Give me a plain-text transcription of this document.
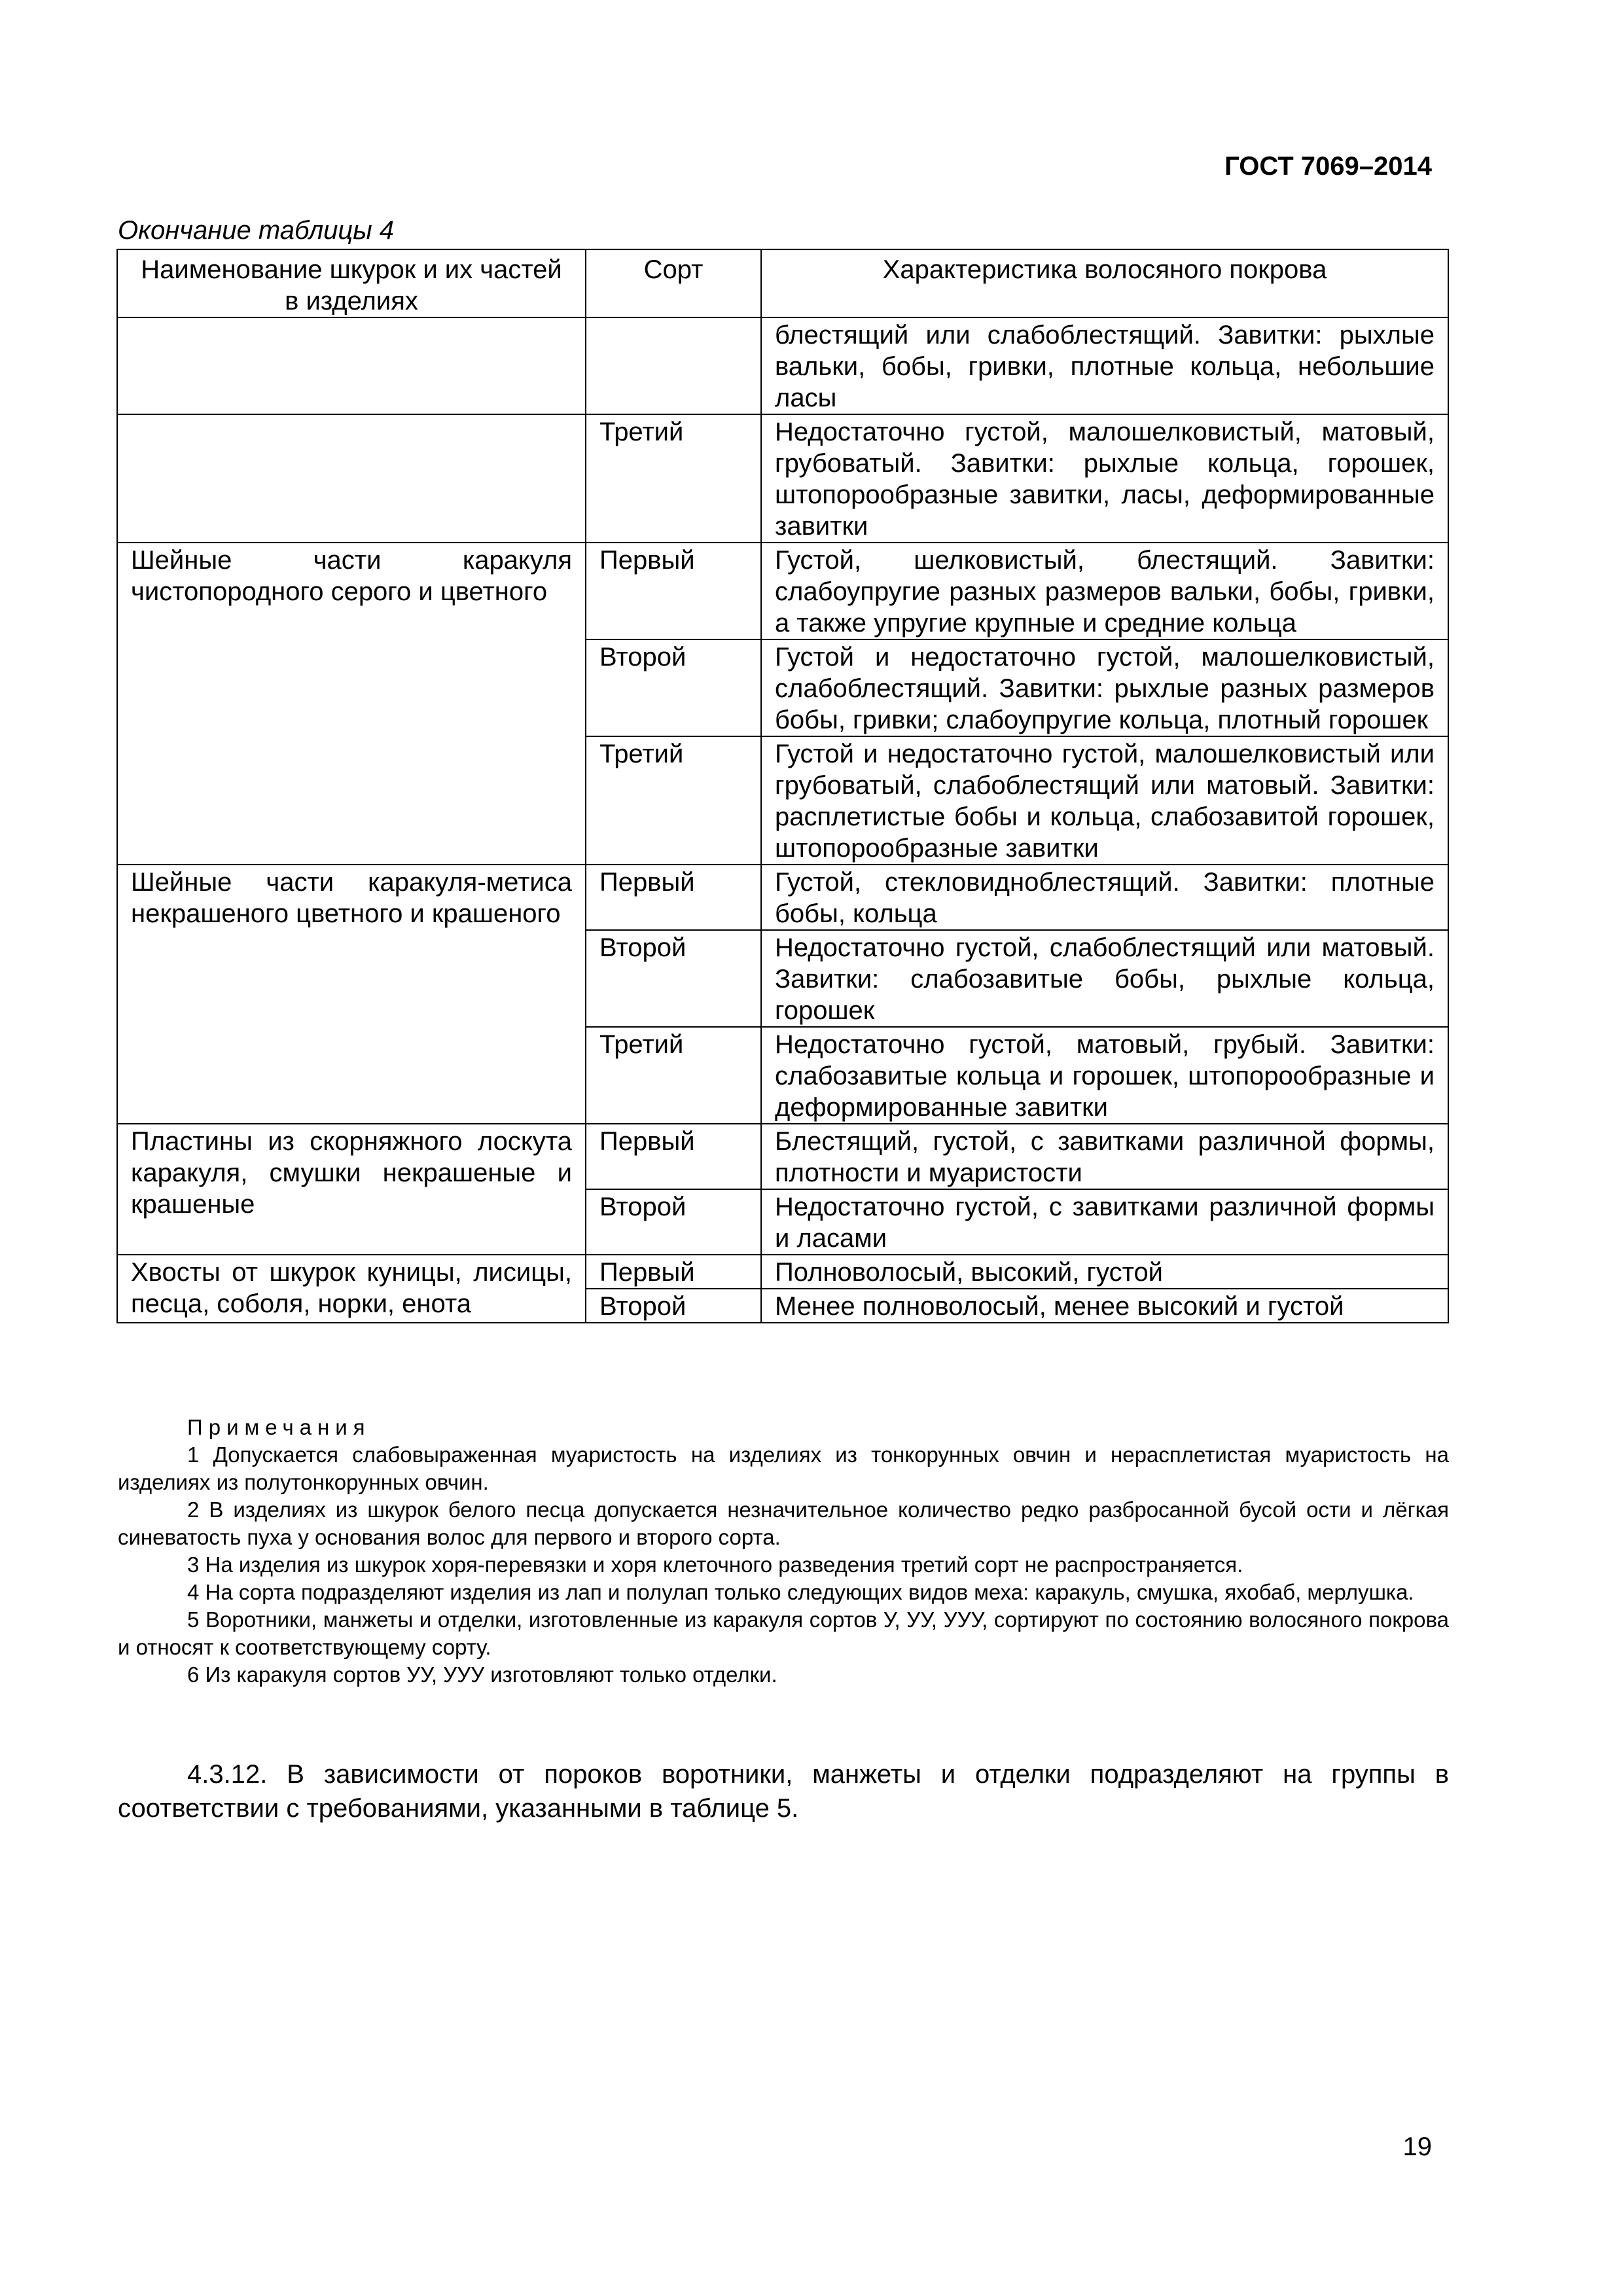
ГОСТ 7069–2014
Окончание таблицы 4
Наименование шкурок и их частей в изделиях	Сорт	Характеристика волосяного покрова
		блестящий или слабоблестящий. Завитки: рыхлые вальки, бобы, гривки, плотные кольца, небольшие ласы
	Третий	Недостаточно густой, малошелковистый, матовый, грубоватый. Завитки: рыхлые кольца, горошек, штопорообразные завитки, ласы, деформированные завитки
Шейные части каракуля чистопородного серого и цветного	Первый	Густой, шелковистый, блестящий. Завитки: слабоупругие разных размеров вальки, бобы, гривки, а также упругие крупные и средние кольца
	Второй	Густой и недостаточно густой, малошелковистый, слабоблестящий. Завитки: рыхлые разных размеров бобы, гривки; слабоупругие кольца, плотный горошек
	Третий	Густой и недостаточно густой, малошелковистый или грубоватый, слабоблестящий или матовый. Завитки: расплетистые бобы и кольца, слабозавитой горошек, штопорообразные завитки
Шейные части каракуля-метиса некрашеного цветного и крашеного	Первый	Густой, стекловидноблестящий. Завитки: плотные бобы, кольца
	Второй	Недостаточно густой, слабоблестящий или матовый. Завитки: слабозавитые бобы, рыхлые кольца, горошек
	Третий	Недостаточно густой, матовый, грубый. Завитки: слабозавитые кольца и горошек, штопорообразные и деформированные завитки
Пластины из скорняжного лоскута каракуля, смушки некрашеные и крашеные	Первый	Блестящий, густой, с завитками различной формы, плотности и муаристости
	Второй	Недостаточно густой, с завитками различной формы и ласами
Хвосты от шкурок куницы, лисицы, песца, соболя, норки, енота	Первый	Полноволосый, высокий, густой
	Второй	Менее полноволосый, менее высокий и густой
Примечания

1 Допускается слабовыраженная муаристость на изделиях из тонкорунных овчин и нерасплетистая муаристость на изделиях из полутонкорунных овчин.

2 В изделиях из шкурок белого песца допускается незначительное количество редко разбросанной бусой ости и лёгкая синеватость пуха у основания волос для первого и второго сорта.

3 На изделия из шкурок хоря-перевязки и хоря клеточного разведения третий сорт не распространяется.

4 На сорта подразделяют изделия из лап и полулап только следующих видов меха: каракуль, смушка, яхобаб, мерлушка.

5 Воротники, манжеты и отделки, изготовленные из каракуля сортов У, УУ, УУУ, сортируют по состоянию волосяного покрова и относят к соответствующему сорту.

6 Из каракуля сортов УУ, УУУ изготовляют только отделки.

4.3.12. В зависимости от пороков воротники, манжеты и отделки подразделяют на группы в соответствии с требованиями, указанными в таблице 5.
19
